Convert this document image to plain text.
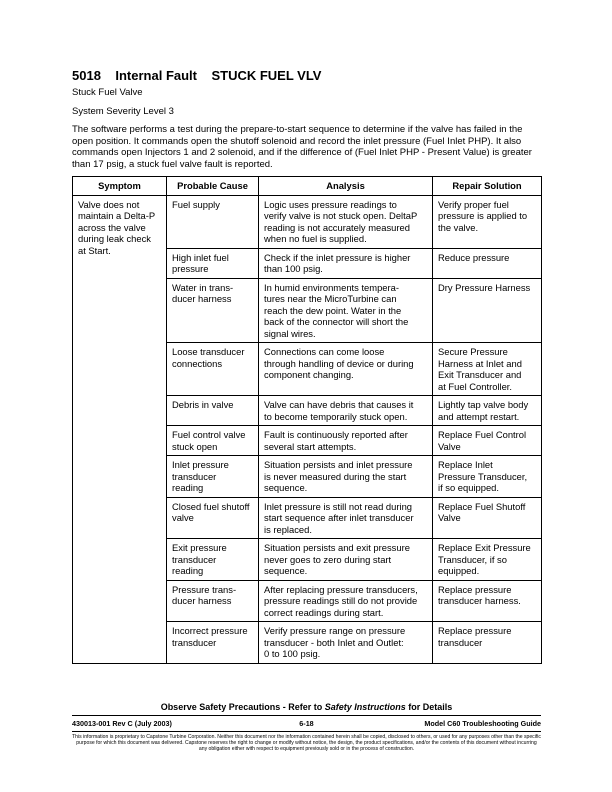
5018 Internal Fault STUCK FUEL VLV
Stuck Fuel Valve
System Severity Level 3
The software performs a test during the prepare-to-start sequence to determine if the valve has failed in the open position. It commands open the shutoff solenoid and record the inlet pressure (Fuel Inlet PHP). It also commands open Injectors 1 and 2 solenoid, and if the difference of (Fuel Inlet PHP - Present Value) is greater than 17 psig, a stuck fuel valve fault is reported.
Symptom	Probable Cause	Analysis	Repair Solution
Valve does not
maintain a Delta-P
across the valve
during leak check
at Start.	Fuel supply	Logic uses pressure readings to
verify valve is not stuck open. DeltaP
reading is not accurately measured
when no fuel is supplied.	Verify proper fuel
pressure is applied to
the valve.
	High inlet fuel
pressure	Check if the inlet pressure is higher
than 100 psig.	Reduce pressure
	Water in trans-
ducer harness	In humid environments tempera-
tures near the MicroTurbine can
reach the dew point. Water in the
back of the connector will short the
signal wires.	Dry Pressure Harness
	Loose transducer
connections	Connections can come loose
through handling of device or during
component changing.	Secure Pressure
Harness at Inlet and
Exit Transducer and
at Fuel Controller.
	Debris in valve	Valve can have debris that causes it
to become temporarily stuck open.	Lightly tap valve body
and attempt restart.
	Fuel control valve
stuck open	Fault is continuously reported after
several start attempts.	Replace Fuel Control
Valve
	Inlet pressure
transducer
reading	Situation persists and inlet pressure
is never measured during the start
sequence.	Replace Inlet
Pressure Transducer,
if so equipped.
	Closed fuel shutoff
valve	Inlet pressure is still not read during
start sequence after inlet transducer
is replaced.	Replace Fuel Shutoff
Valve
	Exit pressure
transducer
reading	Situation persists and exit pressure
never goes to zero during start
sequence.	Replace Exit Pressure
Transducer, if so
equipped.
	Pressure trans-
ducer harness	After replacing pressure transducers,
pressure readings still do not provide
correct readings during start.	Replace pressure
transducer harness.
	Incorrect pressure
transducer	Verify pressure range on pressure
transducer - both Inlet and Outlet:
0 to 100 psig.	Replace pressure
transducer
Observe Safety Precautions - Refer to Safety Instructions for Details
430013-001 Rev C (July 2003)	6-18	Model C60 Troubleshooting Guide
This information is proprietary to Capstone Turbine Corporation. Neither this document nor the information contained herein shall be copied, disclosed to others, or used for any purposes other than the specific purpose for which this document was delivered. Capstone reserves the right to change or modify without notice, the design, the product specifications, and/or the contents of this document without incurring any obligation either with respect to equipment previously sold or in the process of construction.
